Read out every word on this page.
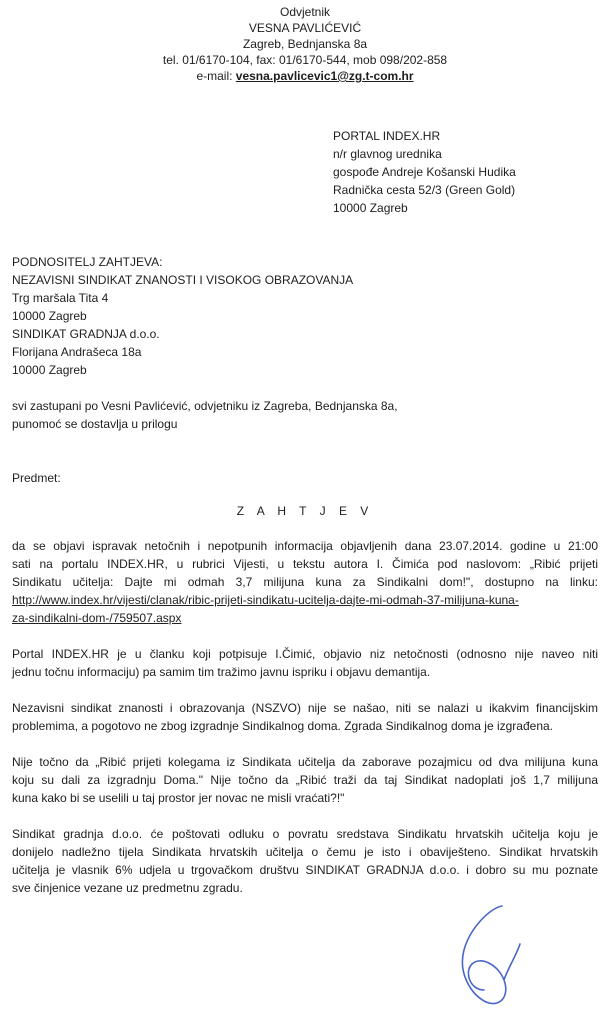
Odvjetnik
VESNA PAVLIĆEVIĆ
Zagreb, Bednjanska 8a
tel. 01/6170-104, fax: 01/6170-544, mob 098/202-858
e-mail: vesna.pavlicevic1@zg.t-com.hr
PORTAL INDEX.HR
n/r glavnog urednika
gospođe Andreje Košanski Hudika
Radnička cesta 52/3 (Green Gold)
10000 Zagreb
PODNOSITELJ ZAHTJEVA:
NEZAVISNI SINDIKAT ZNANOSTI I VISOKOG OBRAZOVANJA
Trg maršala Tita 4
10000 Zagreb
SINDIKAT GRADNJA d.o.o.
Florijana Andrašeca 18a
10000 Zagreb
svi zastupani po Vesni Pavlićević, odvjetniku iz Zagreba, Bednjanska 8a,
punomoć se dostavlja u prilogu
Predmet:
Z A H T J E V
da se objavi ispravak netočnih i nepotpunih informacija objavljenih dana 23.07.2014. godine u 21:00
sati na portalu INDEX.HR, u rubrici Vijesti, u tekstu autora I. Čimića pod naslovom: „Ribić prijeti
Sindikatu učitelja: Dajte mi odmah 3,7 milijuna kuna za Sindikalni dom!", dostupno na linku:
http://www.index.hr/vijesti/clanak/ribic-prijeti-sindikatu-ucitelja-dajte-mi-odmah-37-milijuna-kuna-
za-sindikalni-dom-/759507.aspx
Portal INDEX.HR je u članku koji potpisuje I.Čimić, objavio niz netočnosti (odnosno nije naveo niti
jednu točnu informaciju) pa samim tim tražimo javnu ispriku i objavu demantija.
Nezavisni sindikat znanosti i obrazovanja (NSZVO) nije se našao, niti se nalazi u ikakvim financijskim
problemima, a pogotovo ne zbog izgradnje Sindikalnog doma. Zgrada Sindikalnog doma je izgrađena.
Nije točno da „Ribić prijeti kolegama iz Sindikata učitelja da zaborave pozajmicu od dva milijuna kuna
koju su dali za izgradnju Doma." Nije točno da „Ribić traži da taj Sindikat nadoplati još 1,7 milijuna
kuna kako bi se uselili u taj prostor jer novac ne misli vraćati?!"
Sindikat gradnja d.o.o. će poštovati odluku o povratu sredstava Sindikatu hrvatskih učitelja koju je
donijelo nadležno tijela Sindikata hrvatskih učitelja o čemu je isto i obaviješteno. Sindikat hrvatskih
učitelja je vlasnik 6% udjela u trgovačkom društvu SINDIKAT GRADNJA d.o.o. i dobro su mu poznate
sve činjenice vezane uz predmetnu zgradu.
